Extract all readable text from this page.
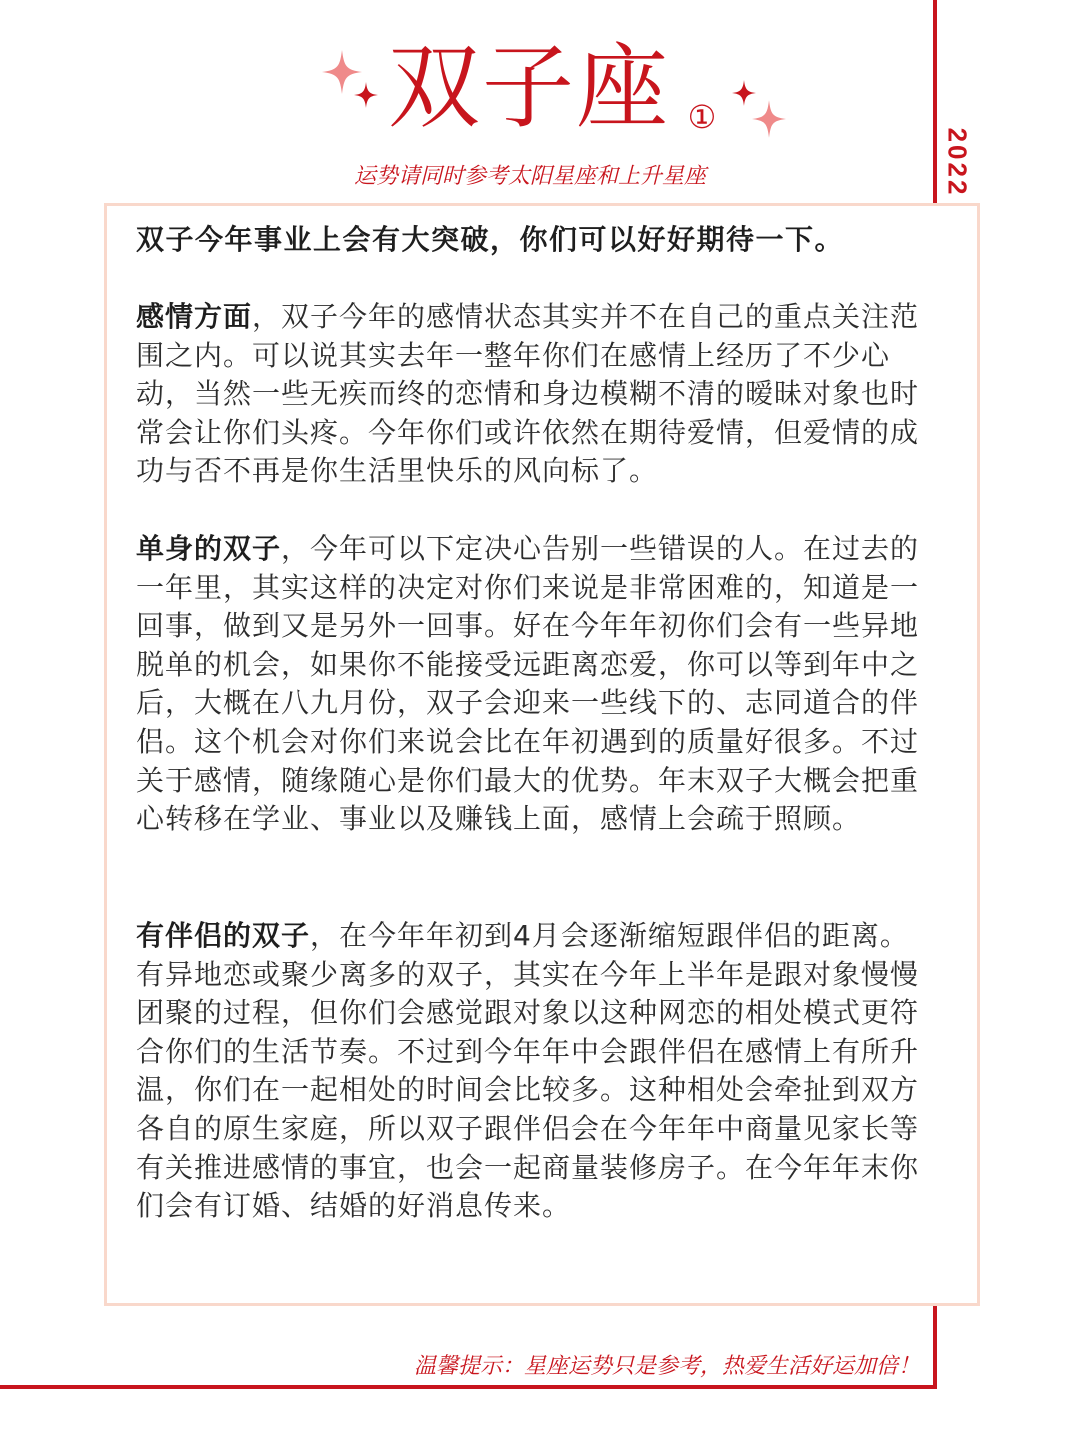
2022
双子座 ①
运势请同时参考太阳星座和上升星座

双子今年事业上会有大突破，你们可以好好期待一下。

感情方面，双子今年的感情状态其实并不在自己的重点关注范围之内。可以说其实去年一整年你们在感情上经历了不少心动，当然一些无疾而终的恋情和身边模糊不清的暧昧对象也时常会让你们头疼。今年你们或许依然在期待爱情，但爱情的成功与否不再是你生活里快乐的风向标了。

单身的双子，今年可以下定决心告别一些错误的人。在过去的一年里，其实这样的决定对你们来说是非常困难的，知道是一回事，做到又是另外一回事。好在今年年初你们会有一些异地脱单的机会，如果你不能接受远距离恋爱，你可以等到年中之后，大概在八九月份，双子会迎来一些线下的、志同道合的伴侣。这个机会对你们来说会比在年初遇到的质量好很多。不过关于感情，随缘随心是你们最大的优势。年末双子大概会把重心转移在学业、事业以及赚钱上面，感情上会疏于照顾。

有伴侣的双子，在今年年初到4月会逐渐缩短跟伴侣的距离。有异地恋或聚少离多的双子，其实在今年上半年是跟对象慢慢团聚的过程，但你们会感觉跟对象以这种网恋的相处模式更符合你们的生活节奏。不过到今年年中会跟伴侣在感情上有所升温，你们在一起相处的时间会比较多。这种相处会牵扯到双方各自的原生家庭，所以双子跟伴侣会在今年年中商量见家长等有关推进感情的事宜，也会一起商量装修房子。在今年年末你们会有订婚、结婚的好消息传来。

温馨提示：星座运势只是参考，热爱生活好运加倍！
